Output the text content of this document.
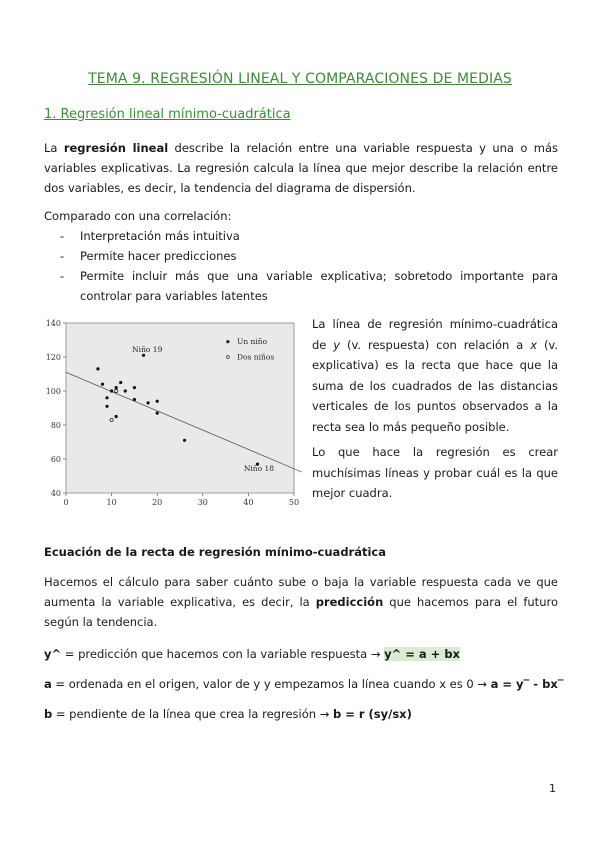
TEMA 9. REGRESIÓN LINEAL Y COMPARACIONES DE MEDIAS
1. Regresión lineal mínimo-cuadrática
La regresión lineal describe la relación entre una variable respuesta y una o más variables explicativas. La regresión calcula la línea que mejor describe la relación entre dos variables, es decir, la tendencia del diagrama de dispersión.
Comparado con una correlación:
- Interpretación más intuitiva
- Permite hacer predicciones
- Permite incluir más que una variable explicativa; sobretodo importante para controlar para variables latentes
40
60
80
100
120
140
0	10	20	30	40	50
Niño 19
Niño 18
Un niño
Dos niños
La línea de regresión mínimo-cuadrática de y (v. respuesta) con relación a x (v. explicativa) es la recta que hace que la suma de los cuadrados de las distancias verticales de los puntos observados a la recta sea lo más pequeño posible.
Lo que hace la regresión es crear muchísimas líneas y probar cuál es la que mejor cuadra.
Ecuación de la recta de regresión mínimo-cuadrática
Hacemos el cálculo para saber cuánto sube o baja la variable respuesta cada ve que aumenta la variable explicativa, es decir, la predicción que hacemos para el futuro según la tendencia.
y^ = predicción que hacemos con la variable respuesta → y^ = a + bx
a = ordenada en el origen, valor de y y empezamos la línea cuando x es 0 → a = y‾ - bx‾
b = pendiente de la línea que crea la regresión → b = r (sy/sx)
1
